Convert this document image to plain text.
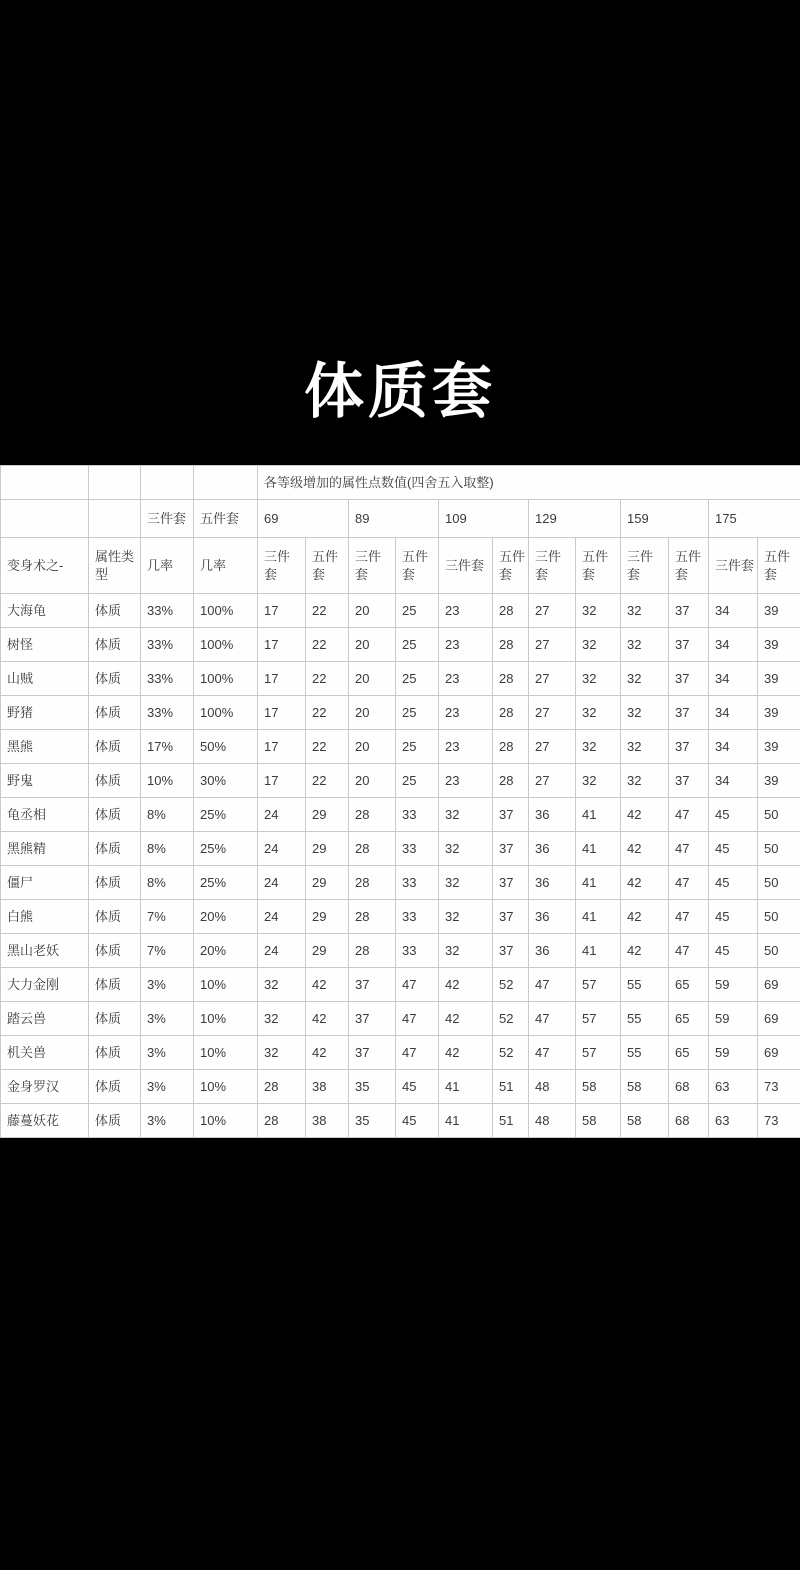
体质套
				各等级增加的属性点数值(四舍五入取整)											
		三件套	五件套	69		89		109		129		159		175	
变身术之-	属性类型	几率	几率	三件套	五件套	三件套	五件套	三件套	五件套	三件套	五件套	三件套	五件套	三件套	五件套
大海龟	体质	33%	100%	17	22	20	25	23	28	27	32	32	37	34	39
树怪	体质	33%	100%	17	22	20	25	23	28	27	32	32	37	34	39
山贼	体质	33%	100%	17	22	20	25	23	28	27	32	32	37	34	39
野猪	体质	33%	100%	17	22	20	25	23	28	27	32	32	37	34	39
黑熊	体质	17%	50%	17	22	20	25	23	28	27	32	32	37	34	39
野鬼	体质	10%	30%	17	22	20	25	23	28	27	32	32	37	34	39
龟丞相	体质	8%	25%	24	29	28	33	32	37	36	41	42	47	45	50
黑熊精	体质	8%	25%	24	29	28	33	32	37	36	41	42	47	45	50
僵尸	体质	8%	25%	24	29	28	33	32	37	36	41	42	47	45	50
白熊	体质	7%	20%	24	29	28	33	32	37	36	41	42	47	45	50
黑山老妖	体质	7%	20%	24	29	28	33	32	37	36	41	42	47	45	50
大力金刚	体质	3%	10%	32	42	37	47	42	52	47	57	55	65	59	69
踏云兽	体质	3%	10%	32	42	37	47	42	52	47	57	55	65	59	69
机关兽	体质	3%	10%	32	42	37	47	42	52	47	57	55	65	59	69
金身罗汉	体质	3%	10%	28	38	35	45	41	51	48	58	58	68	63	73
藤蔓妖花	体质	3%	10%	28	38	35	45	41	51	48	58	58	68	63	73
